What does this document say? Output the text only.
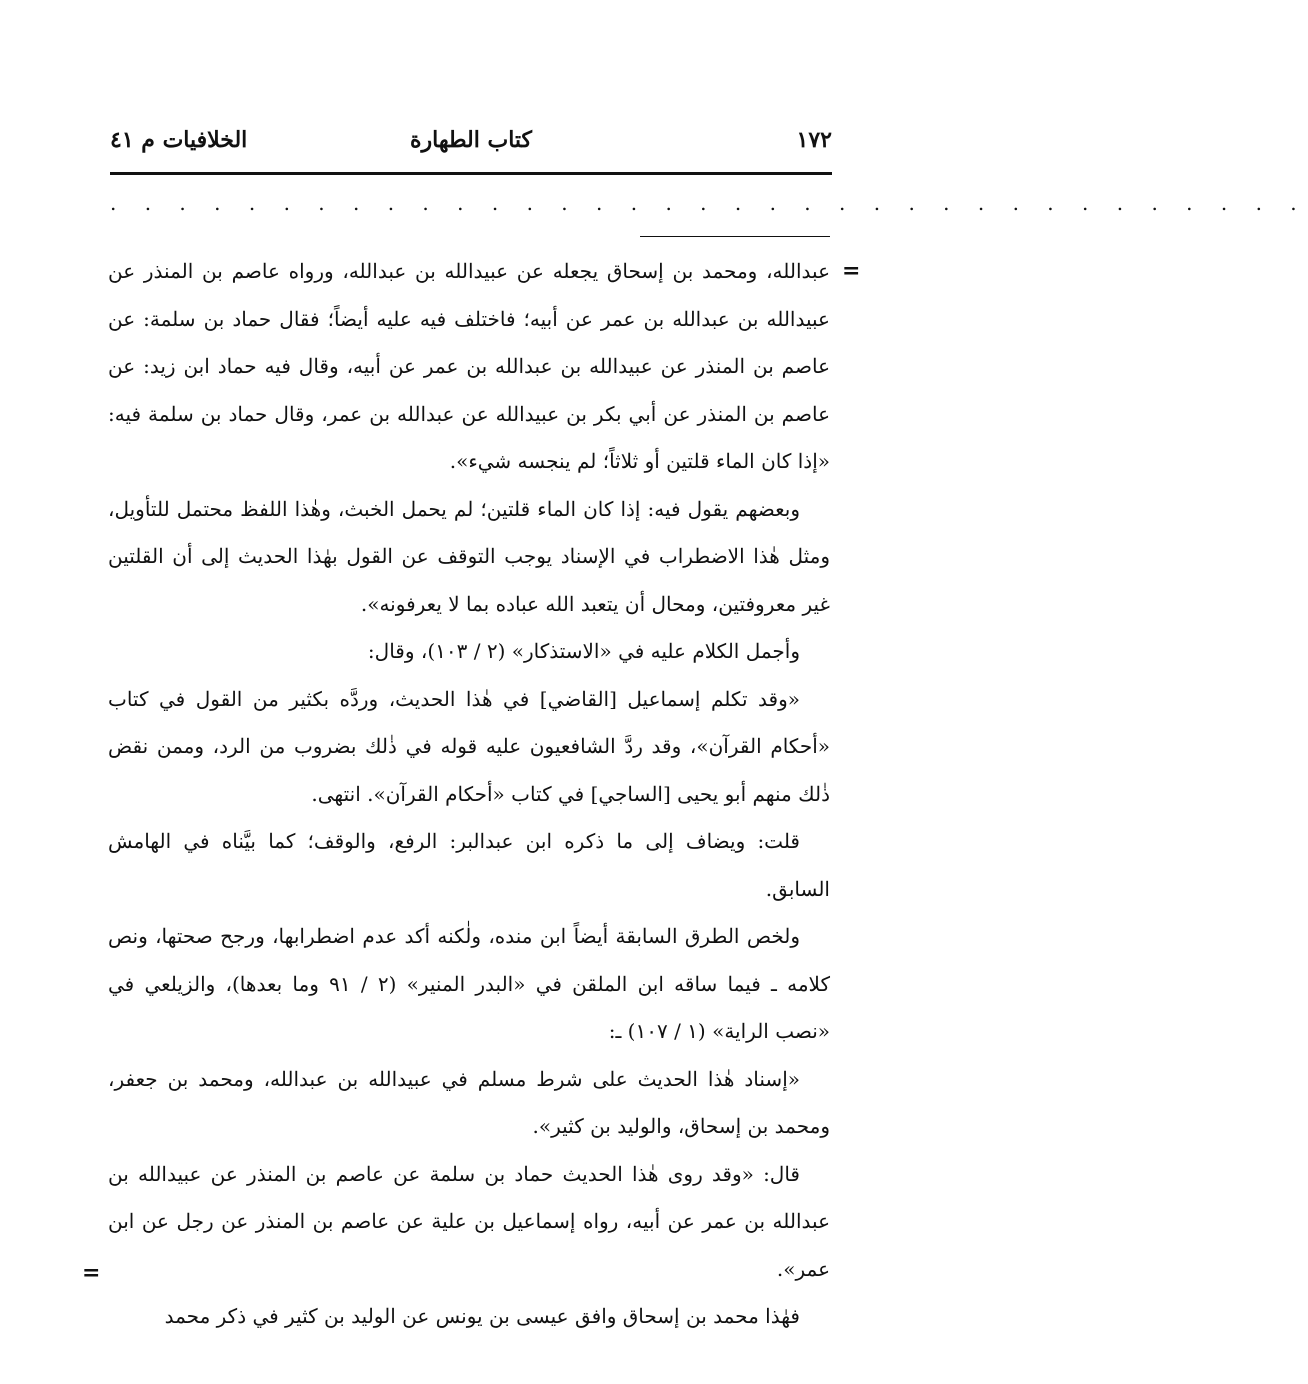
١٧٢
كتاب الطهارة
الخلافيات م ٤١
. . . . . . . . . . . . . . . . . . . . . . . . . . . . . . . . . . .
=

عبدالله، ومحمد بن إسحاق يجعله عن عبيدالله بن عبدالله، ورواه عاصم بن المنذر عن عبيدالله بن عبدالله بن عمر عن أبيه؛ فاختلف فيه عليه أيضاً؛ فقال حماد بن سلمة: عن عاصم بن المنذر عن عبيدالله بن عبدالله بن عمر عن أبيه، وقال فيه حماد ابن زيد: عن عاصم بن المنذر عن أبي بكر بن عبيدالله عن عبدالله بن عمر، وقال حماد بن سلمة فيه: «إذا كان الماء قلتين أو ثلاثاً؛ لم ينجسه شيء».

وبعضهم يقول فيه: إذا كان الماء قلتين؛ لم يحمل الخبث، وهٰذا اللفظ محتمل للتأويل، ومثل هٰذا الاضطراب في الإسناد يوجب التوقف عن القول بهٰذا الحديث إلى أن القلتين غير معروفتين، ومحال أن يتعبد الله عباده بما لا يعرفونه».

وأجمل الكلام عليه في «الاستذكار» (٢ / ١٠٣)، وقال:

«وقد تكلم إسماعيل [القاضي] في هٰذا الحديث، وردَّه بكثير من القول في كتاب «أحكام القرآن»، وقد ردَّ الشافعيون عليه قوله في ذٰلك بضروب من الرد، وممن نقض ذٰلك منهم أبو يحيى [الساجي] في كتاب «أحكام القرآن». انتهى.

قلت: ويضاف إلى ما ذكره ابن عبدالبر: الرفع، والوقف؛ كما بيَّناه في الهامش السابق.

ولخص الطرق السابقة أيضاً ابن منده، ولٰكنه أكد عدم اضطرابها، ورجح صحتها، ونص كلامه ـ فيما ساقه ابن الملقن في «البدر المنير» (٢ / ٩١ وما بعدها)، والزيلعي في «نصب الراية» (١ / ١٠٧) ـ:

«إسناد هٰذا الحديث على شرط مسلم في عبيدالله بن عبدالله، ومحمد بن جعفر، ومحمد بن إسحاق، والوليد بن كثير».

قال: «وقد روى هٰذا الحديث حماد بن سلمة عن عاصم بن المنذر عن عبيدالله بن عبدالله بن عمر عن أبيه، رواه إسماعيل بن علية عن عاصم بن المنذر عن رجل عن ابن عمر».

فهٰذا محمد بن إسحاق وافق عيسى بن يونس عن الوليد بن كثير في ذكر محمد

=
